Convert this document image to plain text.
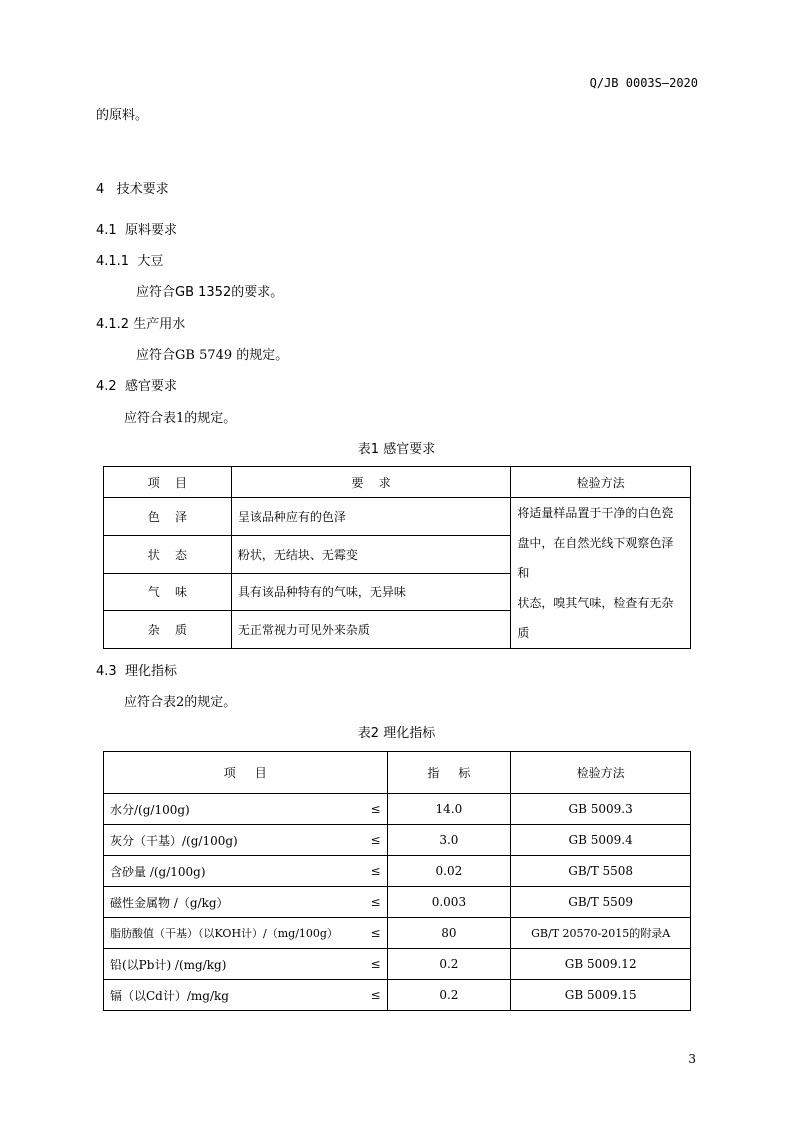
Q/JB 0003S—2020
的原料。
4   技术要求
4.1  原料要求
4.1.1  大豆
应符合GB 1352的要求。
4.1.2 生产用水
应符合GB 5749 的规定。
4.2  感官要求
应符合表1的规定。
表1 感官要求
项    目	要    求	检验方法
色    泽	呈该品种应有的色泽	将适量样品置于干净的白色瓷
盘中，在自然光线下观察色泽和
状态，嗅其气味，检查有无杂质

状    态	粉状，无结块、无霉变	
气    味	具有该品种特有的气味，无异味	
杂    质	无正常视力可见外来杂质	
4.3  理化指标
应符合表2的规定。
表2 理化指标
项     目	指     标	检验方法

水分/(g/100g) ≤	14.0	GB 5009.3

灰分（干基）/(g/100g) ≤	3.0	GB 5009.4

含砂量 /(g/100g) ≤	0.02	GB/T 5508

磁性金属物 /（g/kg） ≤	0.003	GB/T 5509

脂肪酸值（干基）（以KOH计）/（mg/100g） ≤	80	GB/T 20570-2015的附录A

铅(以Pb计) /(mg/kg) ≤	0.2	GB 5009.12

镉（以Cd计）/mg/kg ≤	0.2	GB 5009.15
3
